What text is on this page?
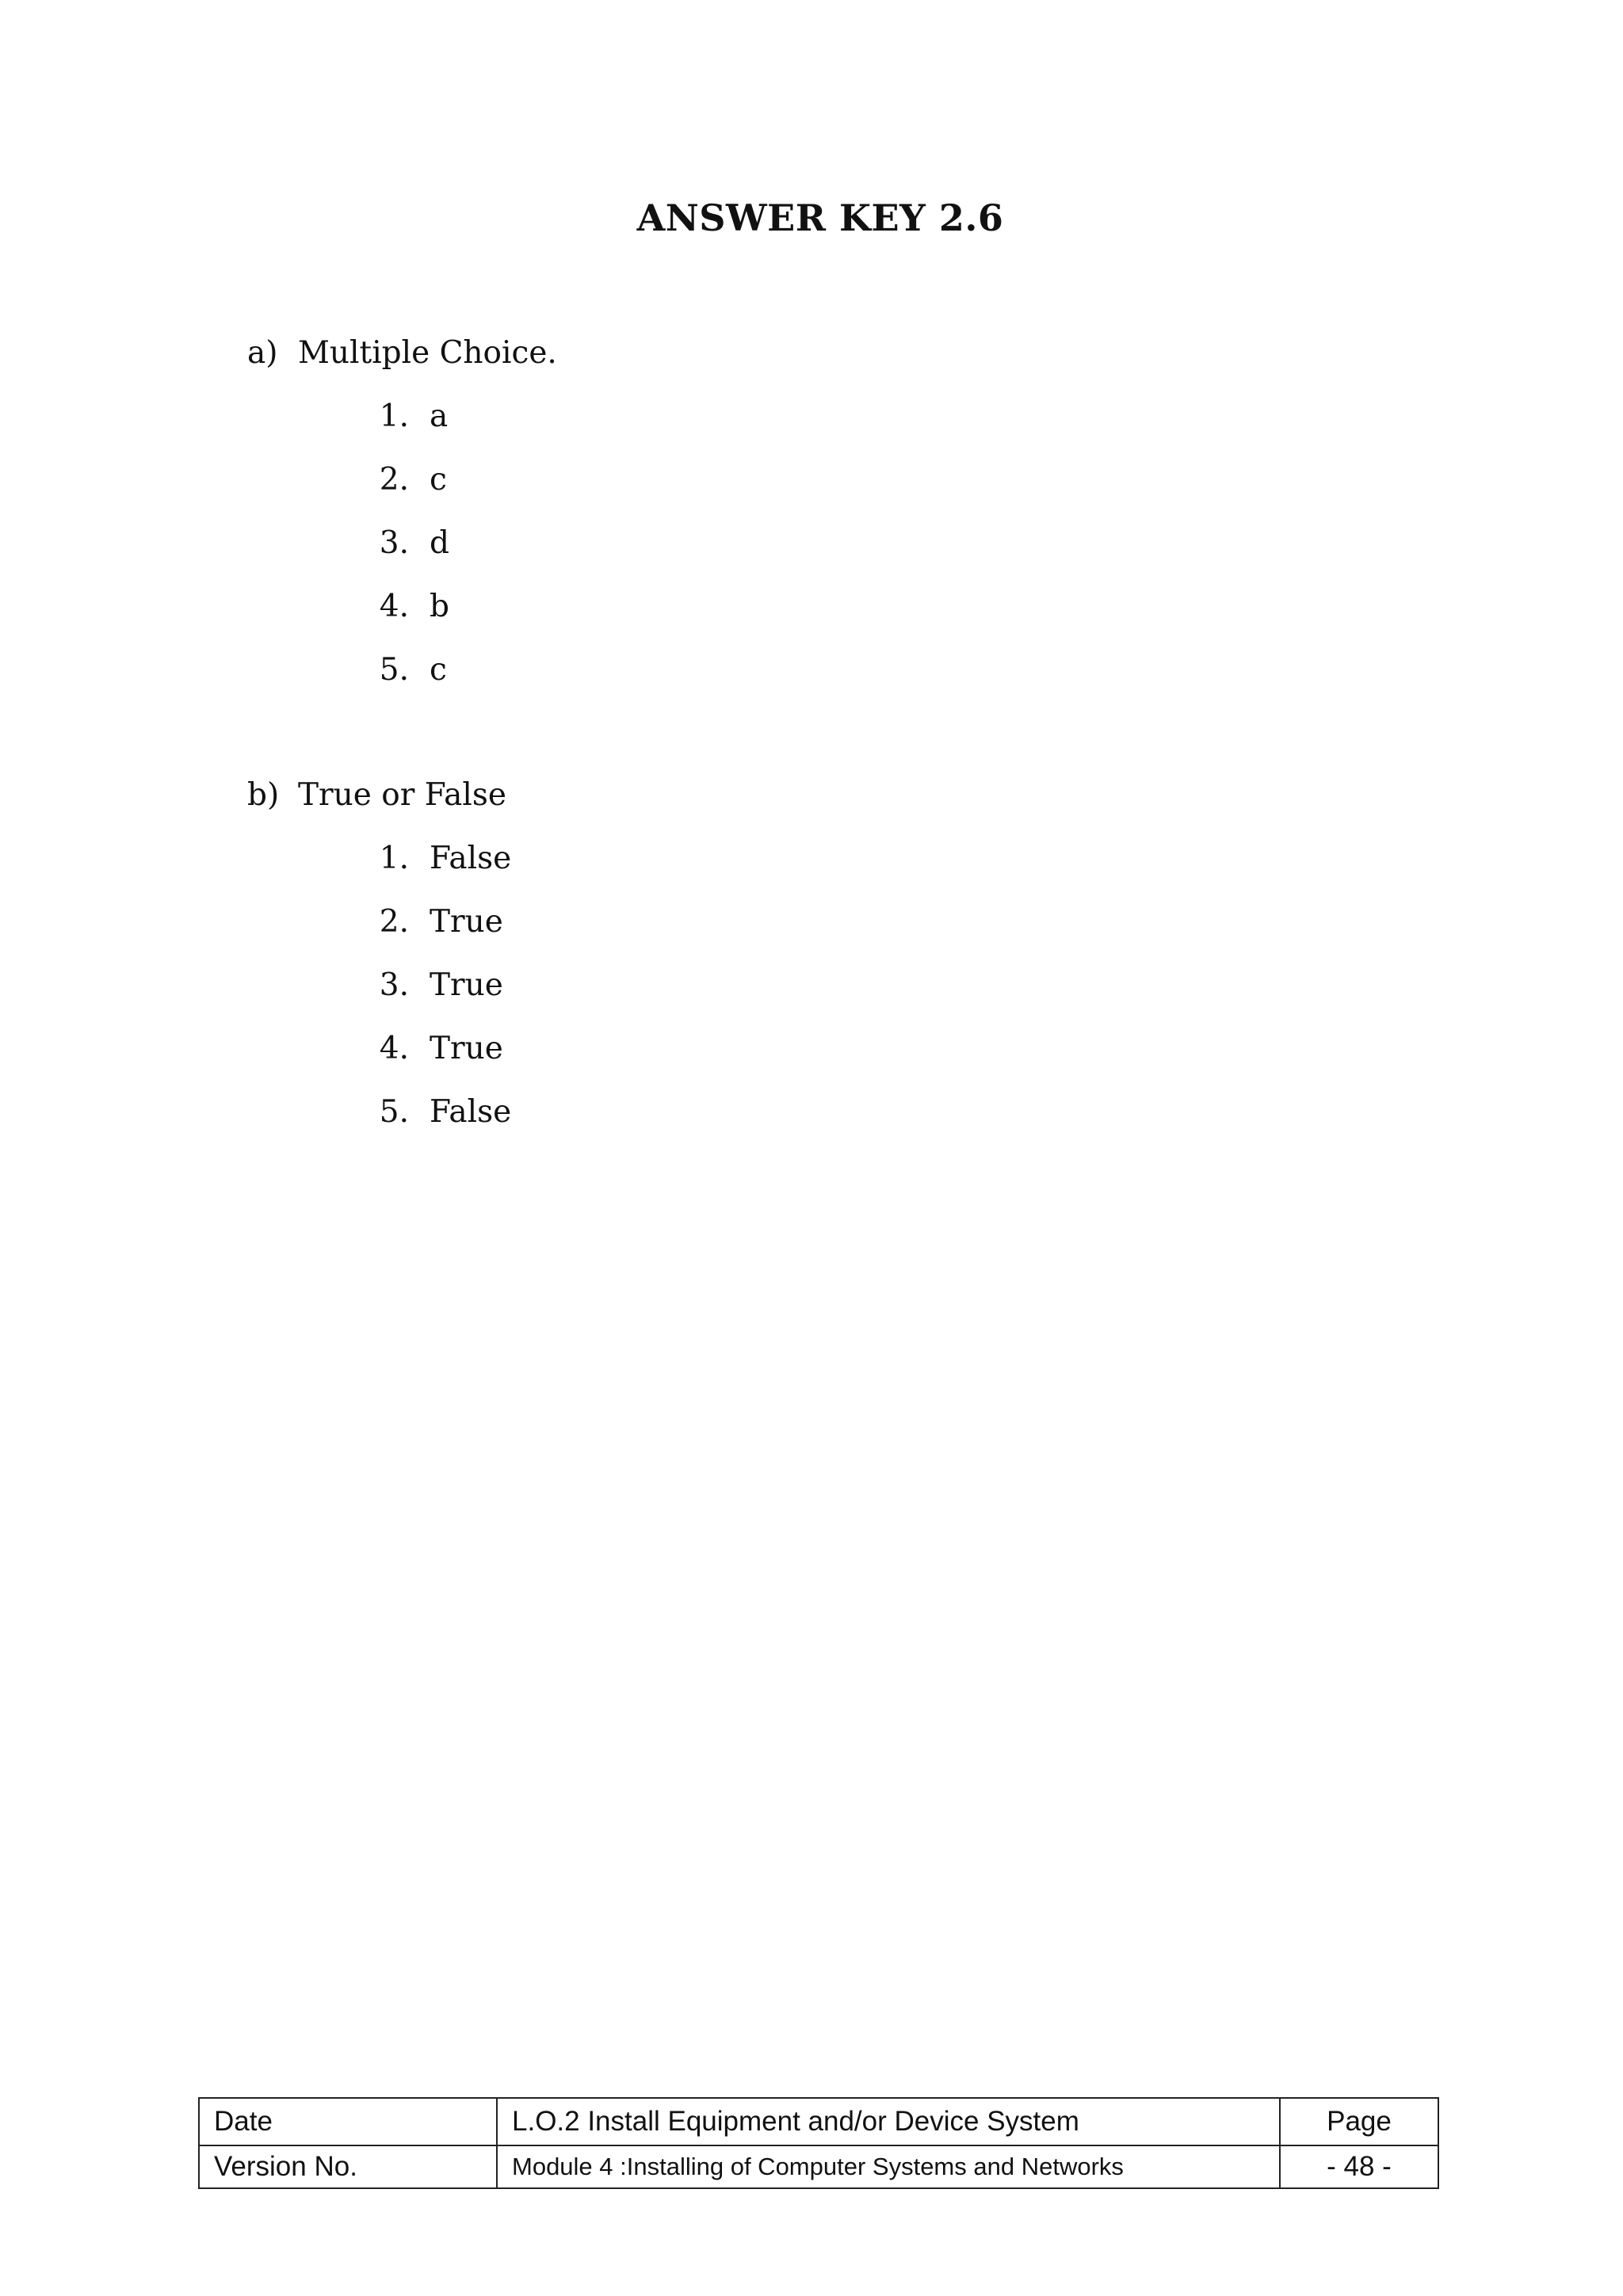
ANSWER KEY 2.6
a) Multiple Choice.
1. a
2. c
3. d
4. b
5. c
b) True or False
1. False
2. True
3. True
4. True
5. False
Date	L.O.2 Install Equipment and/or Device System	Page
Version No.	Module 4 :Installing of Computer Systems and Networks	- 48 -
